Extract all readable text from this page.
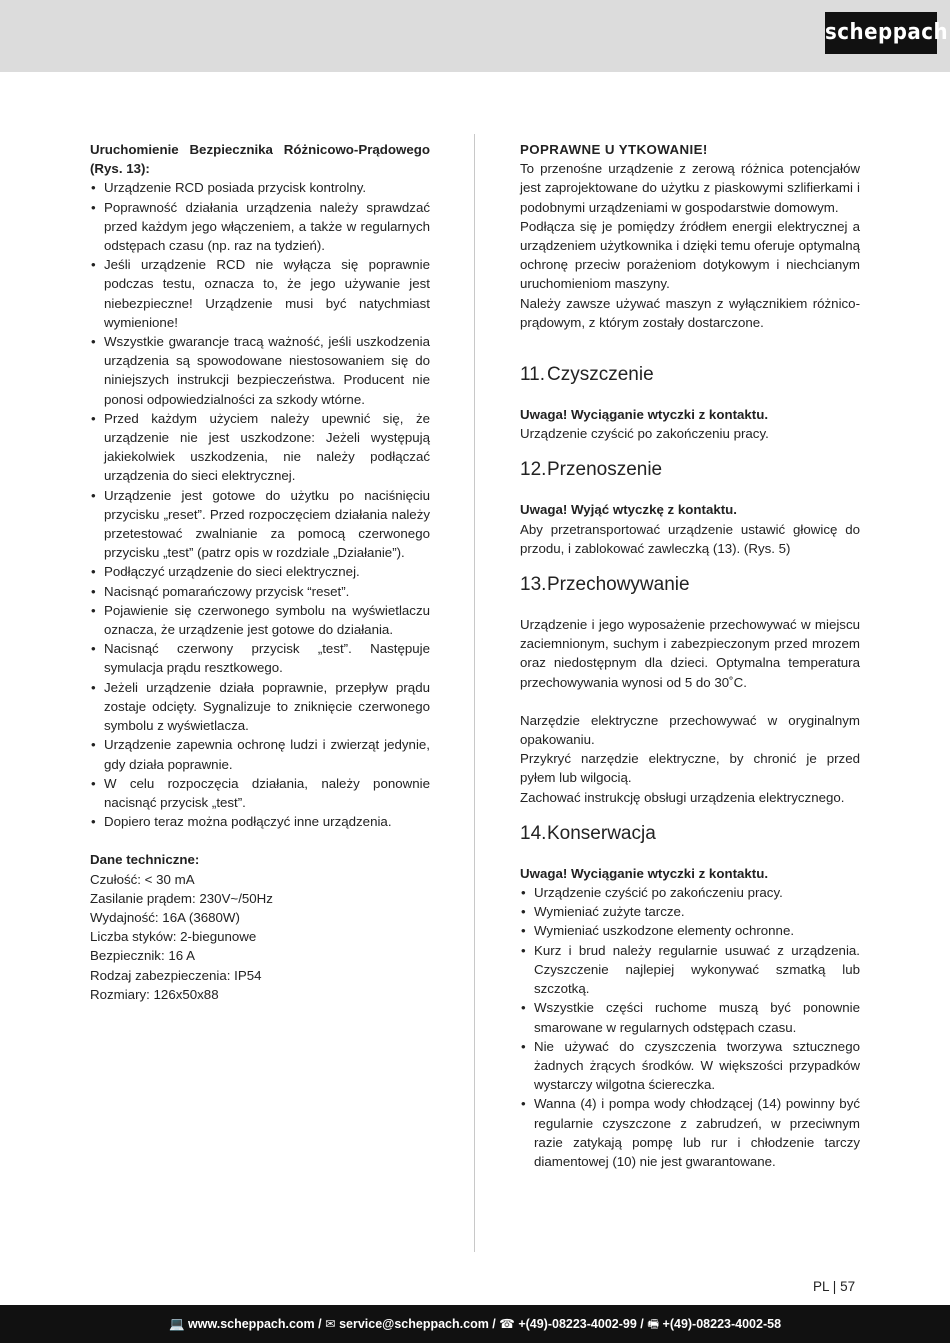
scheppach

Uruchomienie Bezpiecznika Różnicowo-Prądowego (Rys. 13):

• Urządzenie RCD posiada przycisk kontrolny.
• Poprawność działania urządzenia należy sprawdzać przed każdym jego włączeniem, a także w regularnych odstępach czasu (np. raz na tydzień).
• Jeśli urządzenie RCD nie wyłącza się poprawnie podczas testu, oznacza to, że jego używanie jest niebezpieczne! Urządzenie musi być natychmiast wymienione!
• Wszystkie gwarancje tracą ważność, jeśli uszkodzenia urządzenia są spowodowane niestosowaniem się do niniejszych instrukcji bezpieczeństwa. Producent nie ponosi odpowiedzialności za szkody wtórne.
• Przed każdym użyciem należy upewnić się, że urządzenie nie jest uszkodzone: Jeżeli występują jakiekolwiek uszkodzenia, nie należy podłączać urządzenia do sieci elektrycznej.
• Urządzenie jest gotowe do użytku po naciśnięciu przycisku „reset”. Przed rozpoczęciem działania należy przetestować zwalnianie za pomocą czerwonego przycisku „test” (patrz opis w rozdziale „Działanie”).
• Podłączyć urządzenie do sieci elektrycznej.
• Nacisnąć pomarańczowy przycisk “reset”.
• Pojawienie się czerwonego symbolu na wyświetlaczu oznacza, że urządzenie jest gotowe do działania.
• Nacisnąć czerwony przycisk „test”. Następuje symulacja prądu resztkowego.
• Jeżeli urządzenie działa poprawnie, przepływ prądu zostaje odcięty. Sygnalizuje to zniknięcie czerwonego symbolu z wyświetlacza.
• Urządzenie zapewnia ochronę ludzi i zwierząt jedynie, gdy działa poprawnie.
• W celu rozpoczęcia działania, należy ponownie nacisnąć przycisk „test”.
• Dopiero teraz można podłączyć inne urządzenia.

Dane techniczne:

Czułość: < 30 mA

Zasilanie prądem: 230V~/50Hz

Wydajność: 16A (3680W)

Liczba styków: 2-biegunowe

Bezpiecznik: 16 A

Rodzaj zabezpieczenia: IP54

Rozmiary: 126x50x88

POPRAWNE U YTKOWANIE!

To przenośne urządzenie z zerową różnica potencjałów jest zaprojektowane do użytku z piaskowymi szlifierkami i podobnymi urządzeniami w gospodarstwie domowym.

Podłącza się je pomiędzy źródłem energii elektrycznej a urządzeniem użytkownika i dzięki temu oferuje optymalną ochronę przeciw porażeniom dotykowym i niechcianym uruchomieniom maszyny.

Należy zawsze używać maszyn z wyłącznikiem różnico-prądowym, z którym zostały dostarczone.

11. Czyszczenie

Uwaga! Wyciąganie wtyczki z kontaktu.

Urządzenie czyścić po zakończeniu pracy.

12.Przenoszenie

Uwaga! Wyjąć wtyczkę z kontaktu.

Aby przetransportować urządzenie ustawić głowicę do przodu, i zablokować zawleczką (13). (Rys. 5)

13.Przechowywanie

Urządzenie i jego wyposażenie przechowywać w miejscu zaciemnionym, suchym i zabezpieczonym przed mrozem oraz niedostępnym dla dzieci. Optymalna temperatura przechowywania wynosi od 5 do 30˚C.

Narzędzie elektryczne przechowywać w oryginalnym opakowaniu.

Przykryć narzędzie elektryczne, by chronić je przed pyłem lub wilgocią.

Zachować instrukcję obsługi urządzenia elektrycznego.

14.Konserwacja

Uwaga! Wyciąganie wtyczki z kontaktu.

• Urządzenie czyścić po zakończeniu pracy.
• Wymieniać zużyte tarcze.
• Wymieniać uszkodzone elementy ochronne.
• Kurz i brud należy regularnie usuwać z urządzenia. Czyszczenie najlepiej wykonywać szmatką lub szczotką.
• Wszystkie części ruchome muszą być ponownie smarowane w regularnych odstępach czasu.
• Nie używać do czyszczenia tworzywa sztucznego żadnych żrących środków. W większości przypadków wystarczy wilgotna ściereczka.
• Wanna (4) i pompa wody chłodzącej (14) powinny być regularnie czyszczone z zabrudzeń, w przeciwnym razie zatykają pompę lub rur i chłodzenie tarczy diamentowej (10) nie jest gwarantowane.
PL | 57
💻 www.scheppach.com / ✉ service@scheppach.com / ☎ +(49)-08223-4002-99 / 🖷 +(49)-08223-4002-58
